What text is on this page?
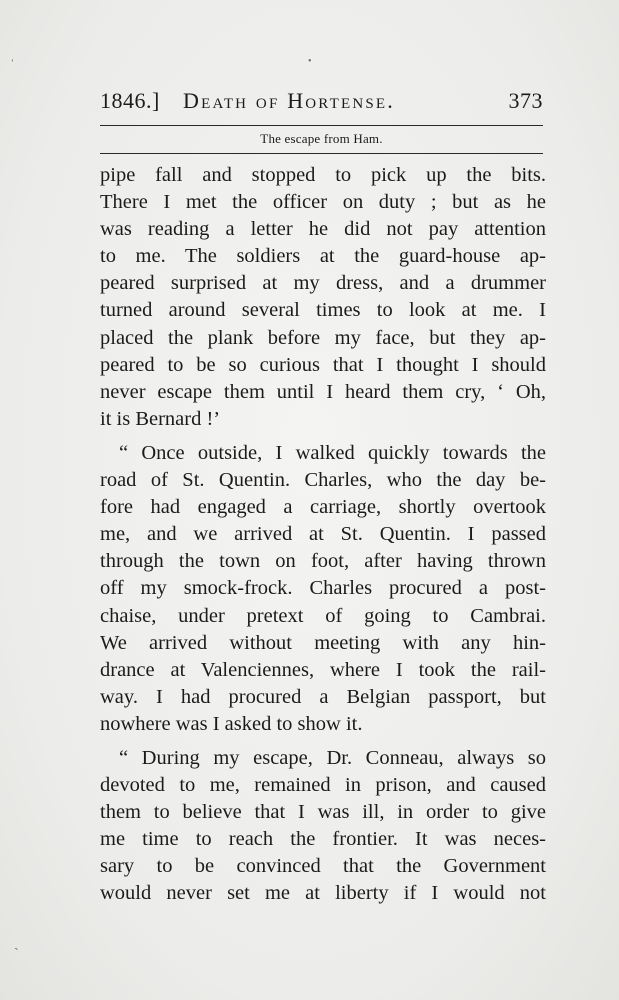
1846.] Death of Hortense.	373
The escape from Ham.
pipe fall and stopped to pick up the bits.
There I met the officer on duty ; but as he
was reading a letter he did not pay attention
to me. The soldiers at the guard-house ap-
peared surprised at my dress, and a drummer
turned around several times to look at me. I
placed the plank before my face, but they ap-
peared to be so curious that I thought I should
never escape them until I heard them cry, ‘ Oh,
it is Bernard !’
“ Once outside, I walked quickly towards the
road of St. Quentin. Charles, who the day be-
fore had engaged a carriage, shortly overtook
me, and we arrived at St. Quentin. I passed
through the town on foot, after having thrown
off my smock-frock. Charles procured a post-
chaise, under pretext of going to Cambrai.
We arrived without meeting with any hin-
drance at Valenciennes, where I took the rail-
way. I had procured a Belgian passport, but
nowhere was I asked to show it.
“ During my escape, Dr. Conneau, always so
devoted to me, remained in prison, and caused
them to believe that I was ill, in order to give
me time to reach the frontier. It was neces-
sary to be convinced that the Government
would never set me at liberty if I would not
ˈ
ˏ
•
